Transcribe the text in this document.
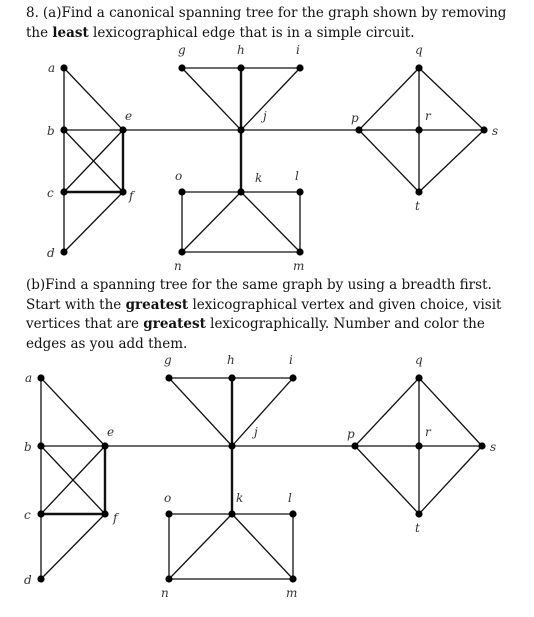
8. (a)Find a canonical spanning tree for the graph shown by removing the least lexicographical edge that is in a simple circuit.
a
b
c
d
e
f
g	h	i
j
k
o	l
n	m
p
q
r
s
t
(b)Find a spanning tree for the same graph by using a breadth first. Start with the greatest lexicographical vertex and given choice, visit vertices that are greatest lexicographically. Number and color the edges as you add them.
a
b
c
d
e
f
g	h	i
j
k
o	l
n	m
p
q
r
s
t
